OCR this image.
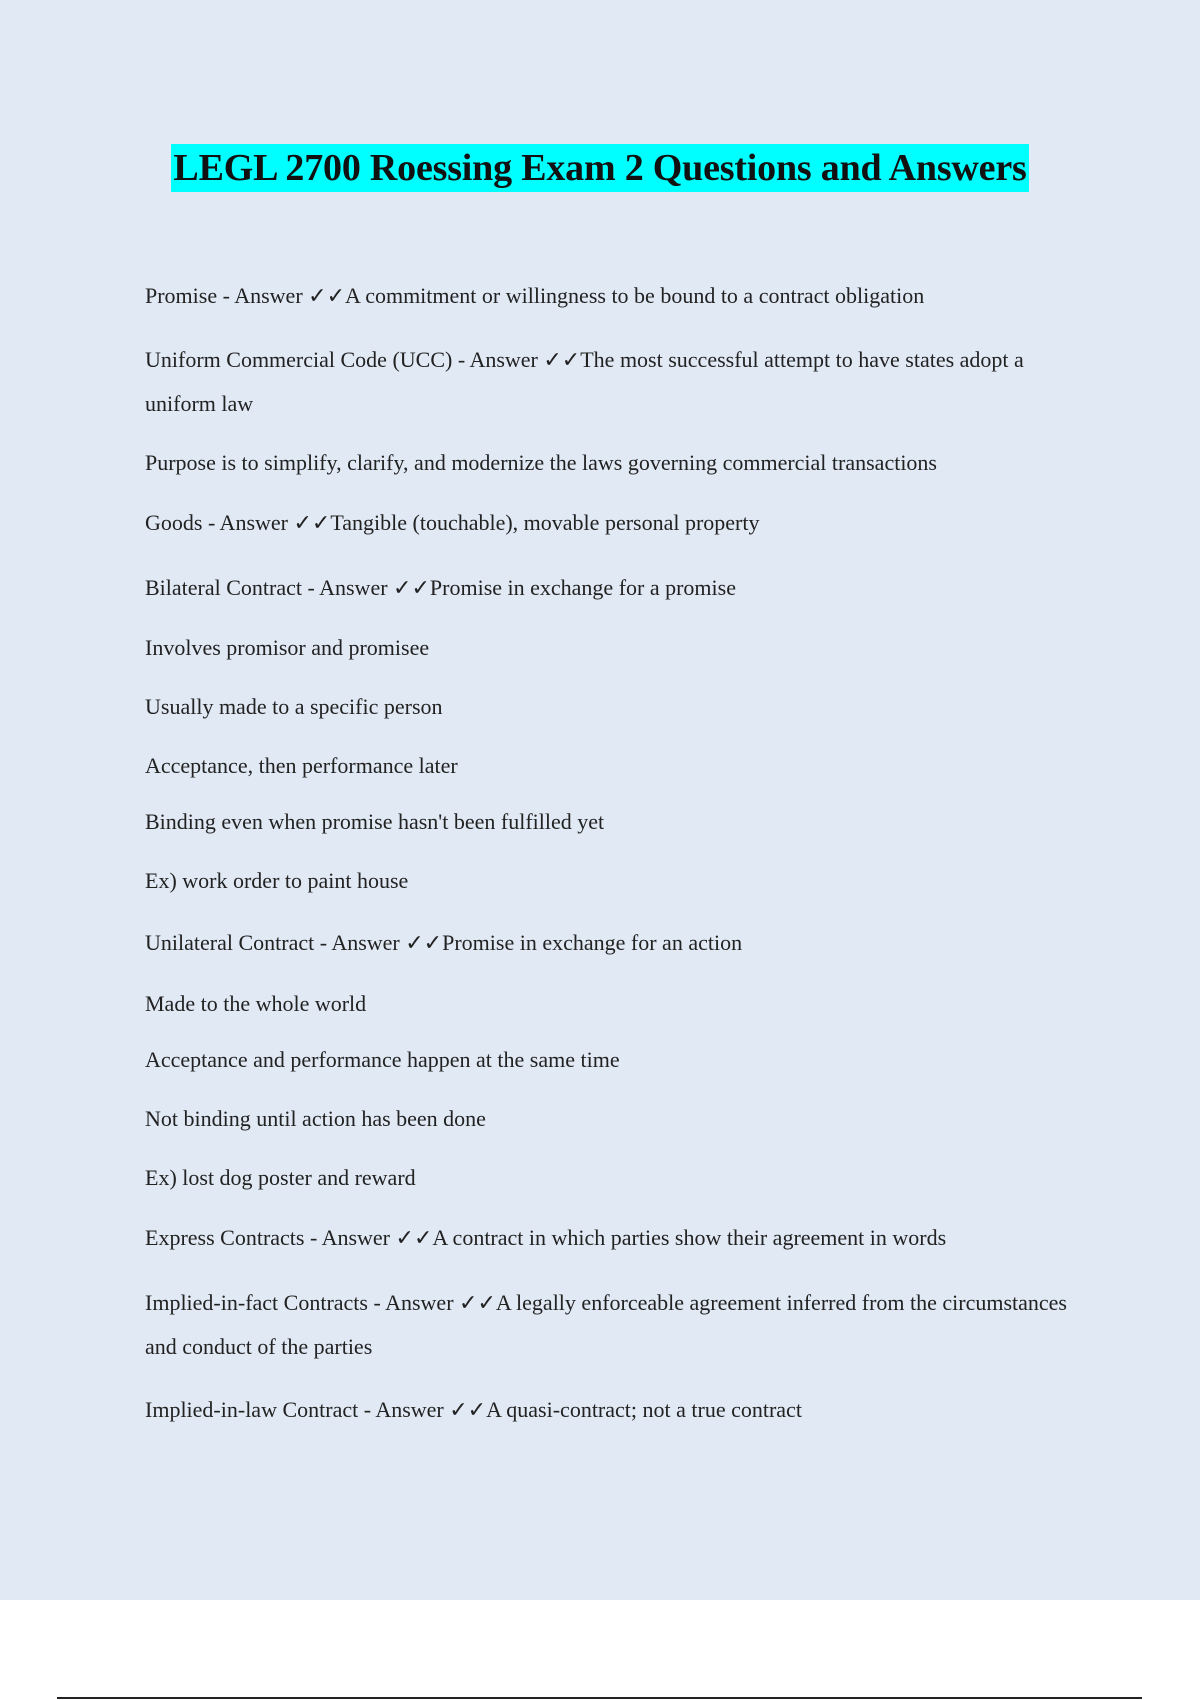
LEGL 2700 Roessing Exam 2 Questions and Answers
Promise - Answer ✓✓A commitment or willingness to be bound to a contract obligation
Uniform Commercial Code (UCC) - Answer ✓✓The most successful attempt to have states adopt a uniform law
Purpose is to simplify, clarify, and modernize the laws governing commercial transactions
Goods - Answer ✓✓Tangible (touchable), movable personal property
Bilateral Contract - Answer ✓✓Promise in exchange for a promise
Involves promisor and promisee
Usually made to a specific person
Acceptance, then performance later
Binding even when promise hasn't been fulfilled yet
Ex) work order to paint house
Unilateral Contract - Answer ✓✓Promise in exchange for an action
Made to the whole world
Acceptance and performance happen at the same time
Not binding until action has been done
Ex) lost dog poster and reward
Express Contracts - Answer ✓✓A contract in which parties show their agreement in words
Implied-in-fact Contracts - Answer ✓✓A legally enforceable agreement inferred from the circumstances and conduct of the parties
Implied-in-law Contract - Answer ✓✓A quasi-contract; not a true contract
